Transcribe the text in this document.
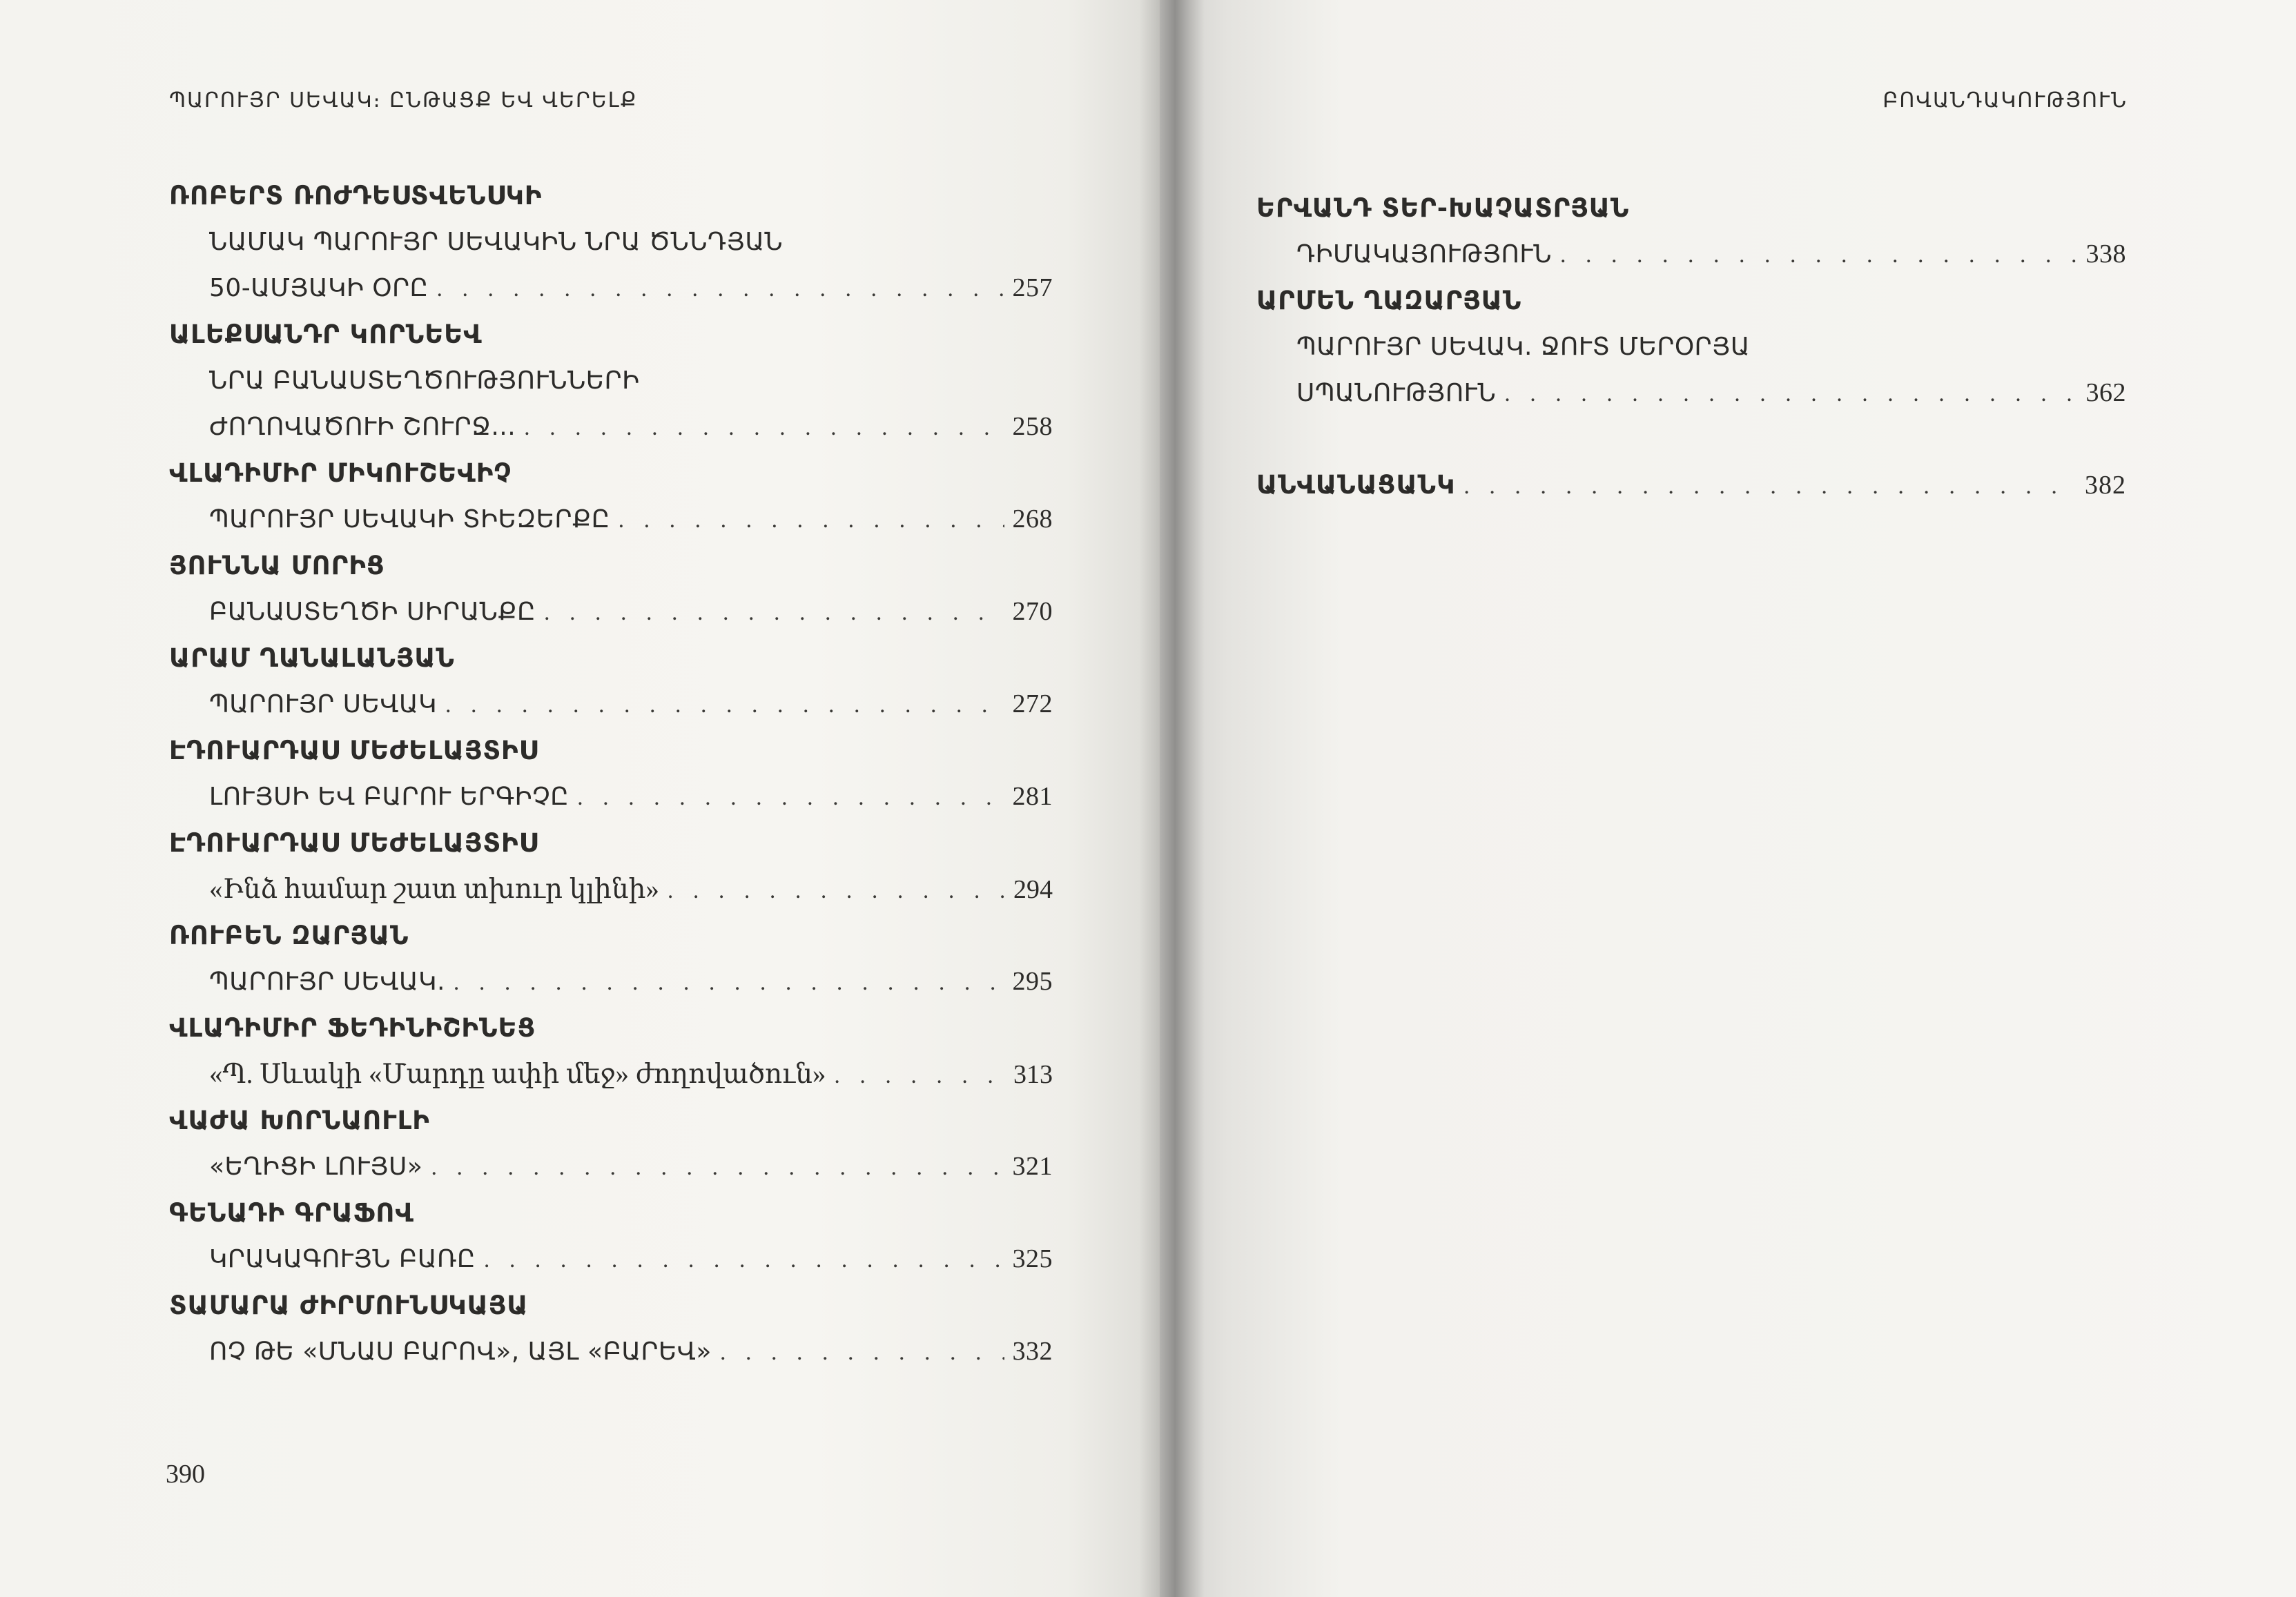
ՊԱՐՈՒՅՐ ՍԵՎԱԿ։ ԸՆԹԱՑՔ ԵՎ ՎԵՐԵԼՔ
ՌՈԲԵՐՏ ՌՈԺԴԵՍՏՎԵՆՍԿԻ
ՆԱՄԱԿ ՊԱՐՈՒՅՐ ՍԵՎԱԿԻՆ ՆՐԱ ԾՆՆԴՅԱՆ
50-ԱՄՅԱԿԻ ՕՐԸ . . .	257
ԱԼԵՔՍԱՆԴՐ ԿՈՐՆԵԵՎ
ՆՐԱ ԲԱՆԱՍՏԵՂԾՈՒԹՅՈՒՆՆԵՐԻ
ԺՈՂՈՎԱԾՈՒԻ ՇՈՒՐՋ... . . .	258
ՎԼԱԴԻՄԻՐ ՄԻԿՈՒՇԵՎԻՉ
ՊԱՐՈՒՅՐ ՍԵՎԱԿԻ ՏԻԵԶԵՐՔԸ . . .	268
ՅՈՒՆՆԱ ՄՈՐԻՑ
ԲԱՆԱՍՏԵՂԾԻ ՍԻՐԱՆՔԸ . . .	270
ԱՐԱՄ ՂԱՆԱԼԱՆՅԱՆ
ՊԱՐՈՒՅՐ ՍԵՎԱԿ . . .	272
ԷԴՈՒԱՐԴԱՍ ՄԵԺԵԼԱՅՏԻՍ
ԼՈՒՅՍԻ ԵՎ ԲԱՐՈՒ ԵՐԳԻՉԸ . . .	281
ԷԴՈՒԱՐԴԱՍ ՄԵԺԵԼԱՅՏԻՍ
«Ինձ համար շատ տխուր կլինի» . . .	294
ՌՈՒԲԵՆ ԶԱՐՅԱՆ
ՊԱՐՈՒՅՐ ՍԵՎԱԿ. . . .	295
ՎԼԱԴԻՄԻՐ ՖԵԴԻՆԻՇԻՆԵՑ
«Պ. Սևակի «Մարդը ափի մեջ» ժողովածուն» . . .	313
ՎԱԺԱ ԽՈՐՆԱՈՒԼԻ
«ԵՂԻՑԻ ԼՈՒՅՍ» . . .	321
ԳԵՆԱԴԻ ԳՐԱՖՈՎ
ԿՐԱԿԱԳՈՒՅՆ ԲԱՌԸ . . .	325
ՏԱՄԱՐԱ ԺԻՐՄՈՒՆՍԿԱՅԱ
ՈՉ ԹԵ «ՄՆԱՍ ԲԱՐՈՎ», ԱՅԼ «ԲԱՐԵՎ» . . .	332
390
ԲՈՎԱՆԴԱԿՈՒԹՅՈՒՆ
ԵՐՎԱՆԴ ՏԵՐ-ԽԱՉԱՏՐՅԱՆ
ԴԻՄԱԿԱՅՈՒԹՅՈՒՆ . . .	338
ԱՐՄԵՆ ՂԱԶԱՐՅԱՆ
ՊԱՐՈՒՅՐ ՍԵՎԱԿ. ՋՈՒՏ ՄԵՐՕՐՅԱ
ՍՊԱՆՈՒԹՅՈՒՆ . . .	362
ԱՆՎԱՆԱՑԱՆԿ . . .	382
